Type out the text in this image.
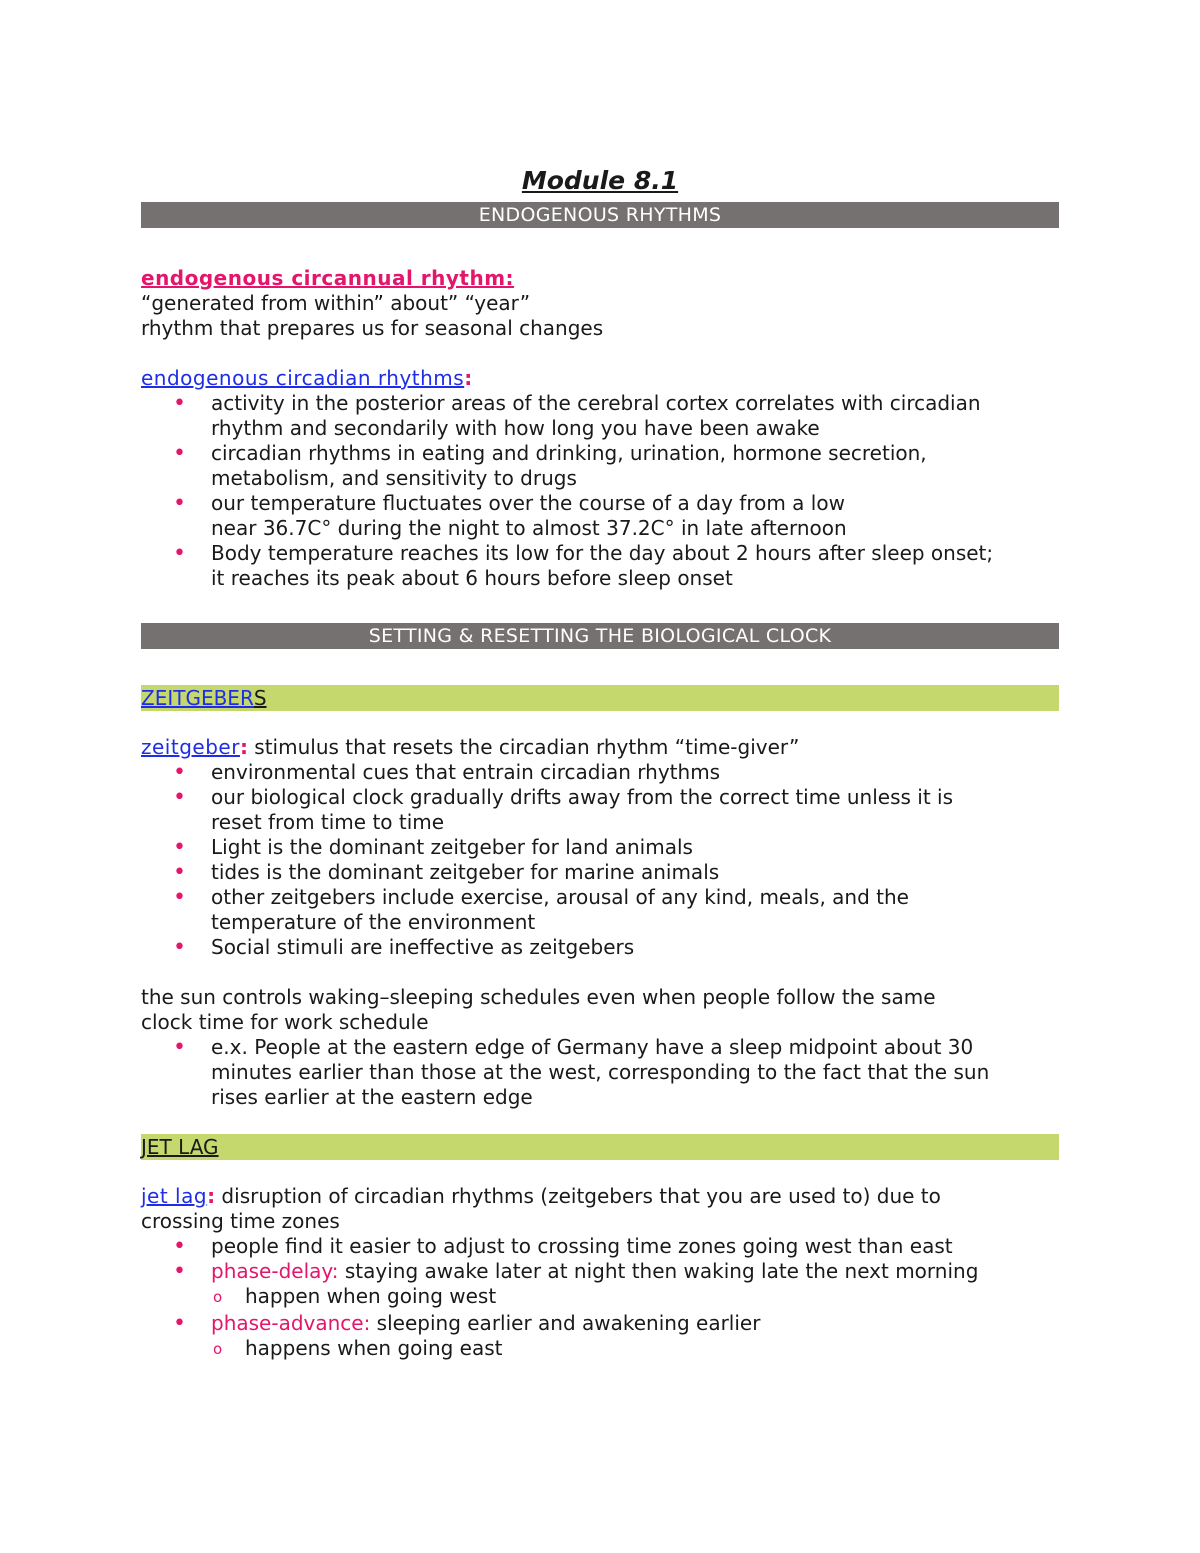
Module 8.1
ENDOGENOUS RHYTHMS
endogenous circannual rhythm:
“generated from within” about” “year”
rhythm that prepares us for seasonal changes
endogenous circadian rhythms:
• activity in the posterior areas of the cerebral cortex correlates with circadian
rhythm and secondarily with how long you have been awake
• circadian rhythms in eating and drinking, urination, hormone secretion,
metabolism, and sensitivity to drugs
• our temperature fluctuates over the course of a day from a low
near 36.7C° during the night to almost 37.2C° in late afternoon
• Body temperature reaches its low for the day about 2 hours after sleep onset;
it reaches its peak about 6 hours before sleep onset
SETTING & RESETTING THE BIOLOGICAL CLOCK
ZEITGEBERS
zeitgeber: stimulus that resets the circadian rhythm “time-giver”
• environmental cues that entrain circadian rhythms
• our biological clock gradually drifts away from the correct time unless it is
reset from time to time
• Light is the dominant zeitgeber for land animals
• tides is the dominant zeitgeber for marine animals
• other zeitgebers include exercise, arousal of any kind, meals, and the
temperature of the environment
• Social stimuli are ineffective as zeitgebers
the sun controls waking–sleeping schedules even when people follow the same
clock time for work schedule
• e.x. People at the eastern edge of Germany have a sleep midpoint about 30
minutes earlier than those at the west, corresponding to the fact that the sun
rises earlier at the eastern edge
JET LAG
jet lag: disruption of circadian rhythms (zeitgebers that you are used to) due to
crossing time zones
• people find it easier to adjust to crossing time zones going west than east
• phase-delay: staying awake later at night then waking late the next morning
o happen when going west
• phase-advance: sleeping earlier and awakening earlier
o happens when going east
